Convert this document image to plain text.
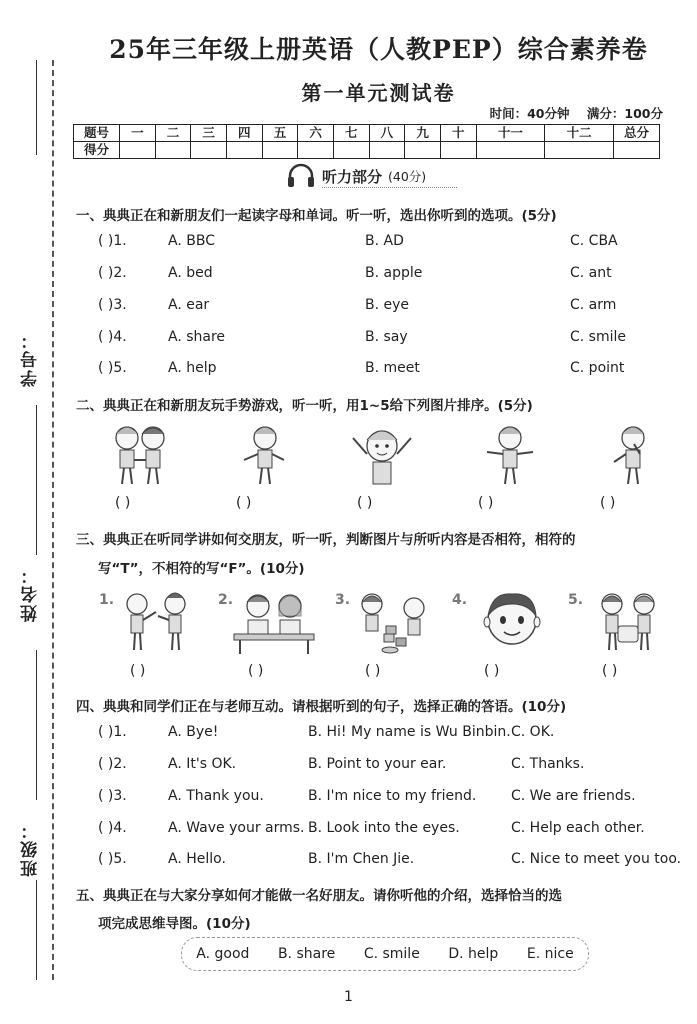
学号：
姓名：
班级：
25年三年级上册英语（人教PEP）综合素养卷
第一单元测试卷
时间：40分钟 满分：100分
题号	一	二	三	四	五	六	七	八	九	十	十一	十二	总分
得分													
听力部分 (40分)
一、典典正在和新朋友们一起读字母和单词。听一听，选出你听到的选项。(5分)
( )1.	A. BBC	B. AD	C. CBA
( )2.	A. bed	B. apple	C. ant
( )3.	A. ear	B. eye	C. arm
( )4.	A. share	B. say	C. smile
( )5.	A. help	B. meet	C. point
二、典典正在和新朋友玩手势游戏，听一听，用1~5给下列图片排序。(5分)
( )	( )	( )	( )	( )
三、典典正在听同学讲如何交朋友，听一听，判断图片与所听内容是否相符，相符的
写“T”，不相符的写“F”。(10分)
1.	2.	3.	4.	5.
( )	( )	( )	( )	( )
四、典典和同学们正在与老师互动。请根据听到的句子，选择正确的答语。(10分)
( )1.	A. Bye!	B. Hi! My name is Wu Binbin. C. OK.
( )2.	A. It's OK.	B. Point to your ear.	C. Thanks.
( )3.	A. Thank you.	B. I'm nice to my friend. C. We are friends.
( )4.	A. Wave your arms. B. Look into the eyes.	C. Help each other.
( )5.	A. Hello.	B. I'm Chen Jie.	C. Nice to meet you too.
五、典典正在与大家分享如何才能做一名好朋友。请你听他的介绍，选择恰当的选
项完成思维导图。(10分)
A. good B. share C. smile D. help E. nice
1
